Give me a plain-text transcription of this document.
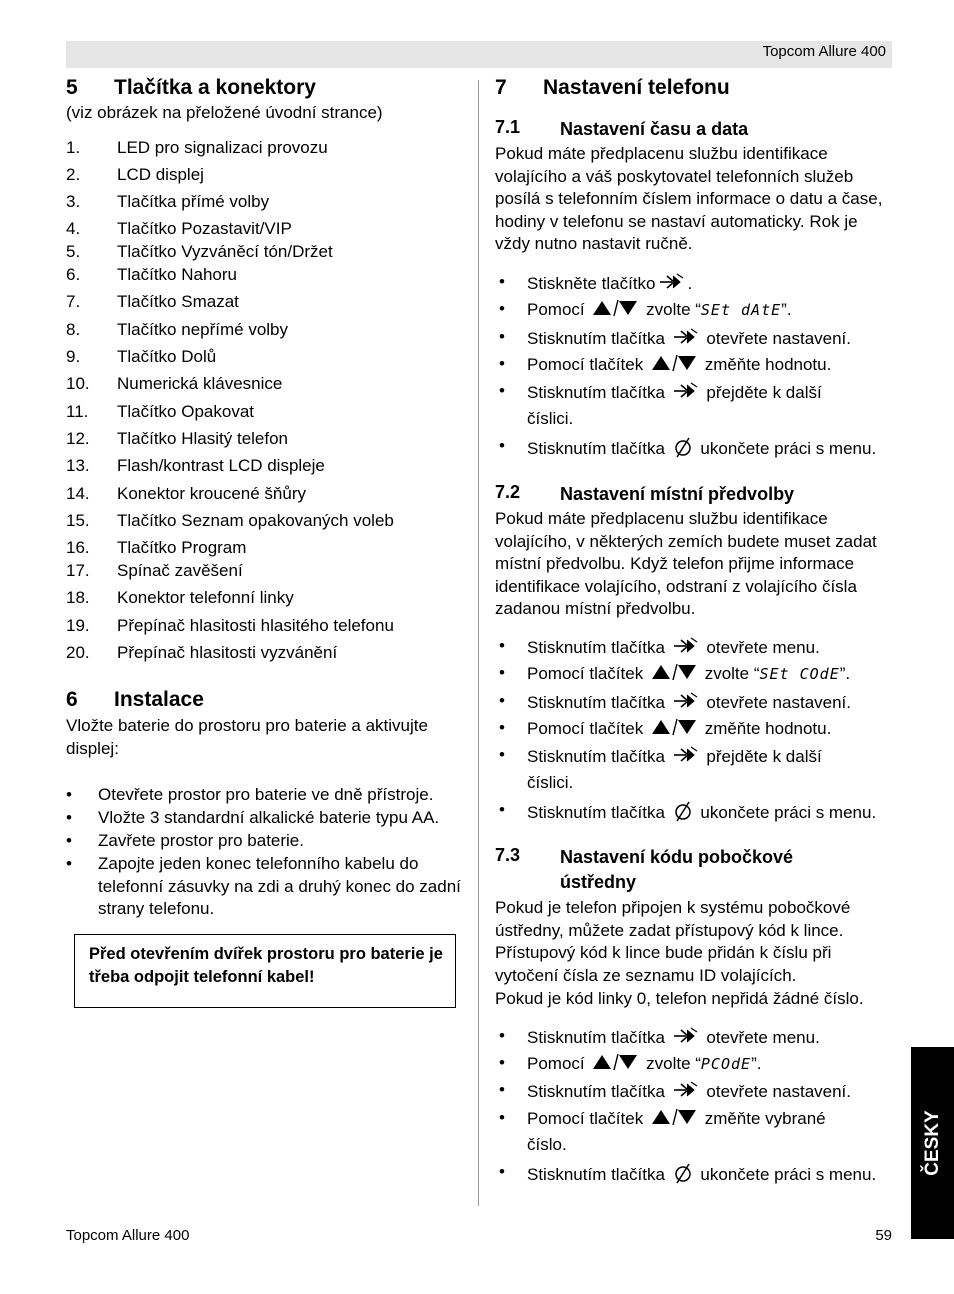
Topcom Allure 400
5 Tlačítka a konektory
(viz obrázek na přeložené úvodní strance)
1. LED pro signalizaci provozu
2. LCD displej
3. Tlačítka přímé volby
4. Tlačítko Pozastavit/VIP
5. Tlačítko Vyzváněcí tón/Držet
6. Tlačítko Nahoru
7. Tlačítko Smazat
8. Tlačítko nepřímé volby
9. Tlačítko Dolů
10. Numerická klávesnice
11. Tlačítko Opakovat
12. Tlačítko Hlasitý telefon
13. Flash/kontrast LCD displeje
14. Konektor kroucené šňůry
15. Tlačítko Seznam opakovaných voleb
16. Tlačítko Program
17. Spínač zavěšení
18. Konektor telefonní linky
19. Přepínač hlasitosti hlasitého telefonu
20. Přepínač hlasitosti vyzvánění
6 Instalace
Vložte baterie do prostoru pro baterie a aktivujte displej:
• Otevřete prostor pro baterie ve dně přístroje.
• Vložte 3 standardní alkalické baterie typu AA.
• Zavřete prostor pro baterie.
• Zapojte jeden konec telefonního kabelu do telefonní zásuvky na zdi a druhý konec do zadní strany telefonu.
Před otevřením dvířek prostoru pro baterie je třeba odpojit telefonní kabel!
7 Nastavení telefonu
7.1 Nastavení času a data
Pokud máte předplacenu službu identifikace volajícího a váš poskytovatel telefonních služeb posílá s telefonním číslem informace o datu a čase, hodiny v telefonu se nastaví automaticky. Rok je vždy nutno nastavit ručně.
• Stiskněte tlačítko .
• Pomocí	zvolte “SEt dAtE”.
• Stisknutím tlačítka otevřete nastavení.
• Pomocí tlačítek	změňte hodnotu.
• Stisknutím tlačítka přejděte k další
číslici.
• Stisknutím tlačítka ukončete práci s menu.
7.2 Nastavení místní předvolby
Pokud máte předplacenu službu identifikace volajícího, v některých zemích budete muset zadat místní předvolbu. Když telefon přijme informace identifikace volajícího, odstraní z volajícího čísla zadanou místní předvolbu.
• Stisknutím tlačítka otevřete menu.
• Pomocí tlačítek	zvolte “SEt COdE”.
• Stisknutím tlačítka otevřete nastavení.
• Pomocí tlačítek	změňte hodnotu.
• Stisknutím tlačítka přejděte k další
číslici.
• Stisknutím tlačítka ukončete práci s menu.
7.3 Nastavení kódu pobočkové ústředny
Pokud je telefon připojen k systému pobočkové ústředny, můžete zadat přístupový kód k lince. Přístupový kód k lince bude přidán k číslu při vytočení čísla ze seznamu ID volajících.
Pokud je kód linky 0, telefon nepřidá žádné číslo.
• Stisknutím tlačítka otevřete menu.
• Pomocí	zvolte “PCOdE”.
• Stisknutím tlačítka otevřete nastavení.
• Pomocí tlačítek	změňte vybrané
číslo.
• Stisknutím tlačítka ukončete práci s menu. ČESKY
Topcom Allure 400	59
